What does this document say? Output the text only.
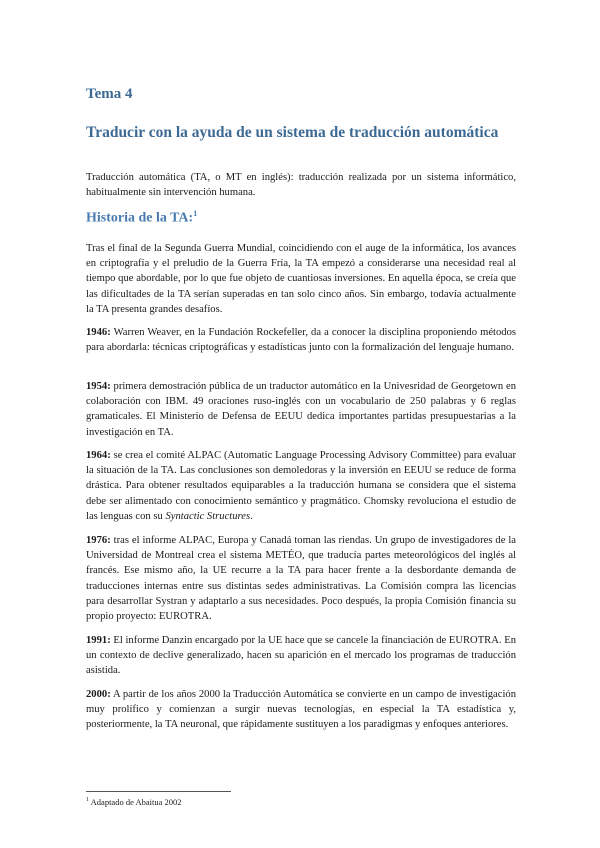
Tema 4
Traducir con la ayuda de un sistema de traducción automática

Traducción automática (TA, o MT en inglés): traducción realizada por un sistema informático, habitualmente sin intervención humana.

Historia de la TA:$^1$

Tras el final de la Segunda Guerra Mundial, coincidiendo con el auge de la informática, los avances en criptografía y el preludio de la Guerra Fría, la TA empezó a considerarse una necesidad real al tiempo que abordable, por lo que fue objeto de cuantiosas inversiones. En aquella época, se creía que las dificultades de la TA serían superadas en tan solo cinco años. Sin embargo, todavía actualmente la TA presenta grandes desafíos.

1946: Warren Weaver, en la Fundación Rockefeller, da a conocer la disciplina proponiendo métodos para abordarla: técnicas criptográficas y estadísticas junto con la formalización del lenguaje humano.

1954: primera demostración pública de un traductor automático en la Univesridad de Georgetown en colaboración con IBM. 49 oraciones ruso-inglés con un vocabulario de 250 palabras y 6 reglas gramaticales. El Ministerio de Defensa de EEUU dedica importantes partidas presupuestarias a la investigación en TA.

1964: se crea el comité ALPAC (Automatic Language Processing Advisory Committee) para evaluar la situación de la TA. Las conclusiones son demoledoras y la inversión en EEUU se reduce de forma drástica. Para obtener resultados equiparables a la traducción humana se considera que el sistema debe ser alimentado con conocimiento semántico y pragmático. Chomsky revoluciona el estudio de las lenguas con su Syntactic Structures.

1976: tras el informe ALPAC, Europa y Canadá toman las riendas. Un grupo de investigadores de la Universidad de Montreal crea el sistema METÉO, que traducía partes meteorológicos del inglés al francés. Ese mismo año, la UE recurre a la TA para hacer frente a la desbordante demanda de traducciones internas entre sus distintas sedes administrativas. La Comisión compra las licencias para desarrollar Systran y adaptarlo a sus necesidades. Poco después, la propia Comisión financia su propio proyecto: EUROTRA.

1991: El informe Danzin encargado por la UE hace que se cancele la financiación de EUROTRA. En un contexto de declive generalizado, hacen su aparición en el mercado los programas de traducción asistida.

2000: A partir de los años 2000 la Traducción Automática se convierte en un campo de investigación muy prolífico y comienzan a surgir nuevas tecnologías, en especial la TA estadística y, posteriormente, la TA neuronal, que rápidamente sustituyen a los paradigmas y enfoques anteriores.

$^1$ Adaptado de Abaitua 2002
